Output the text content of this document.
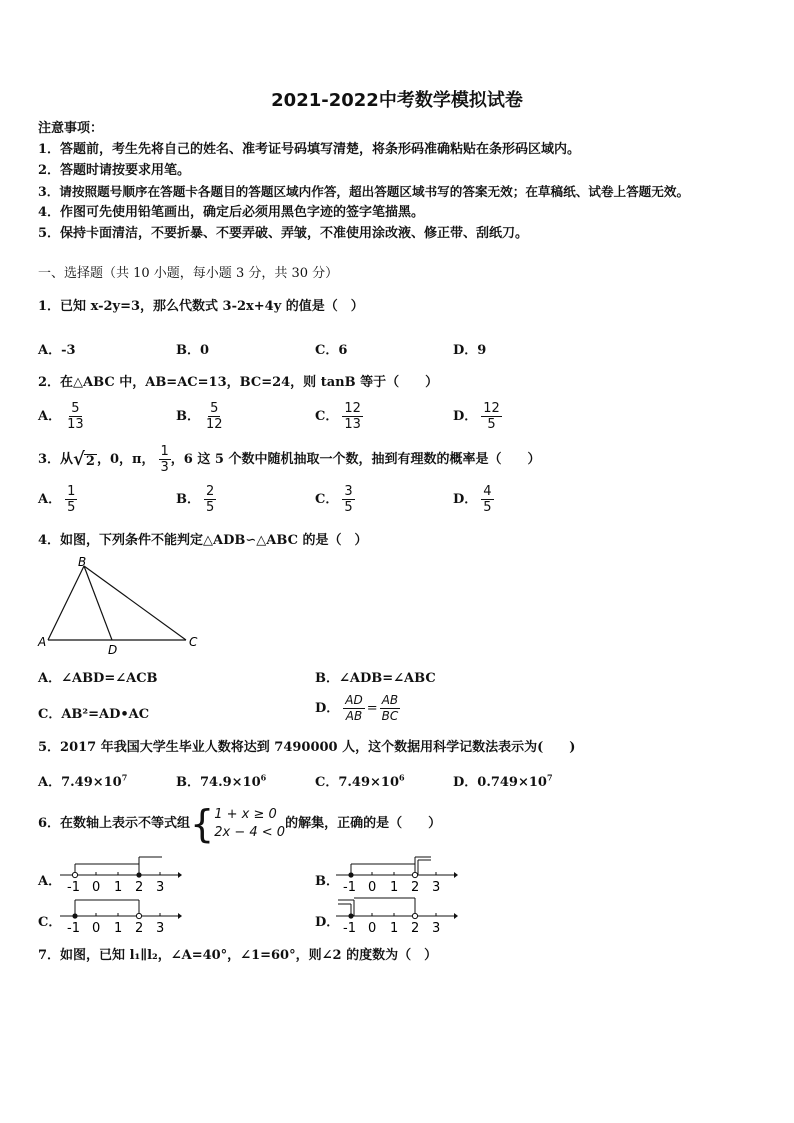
2021-2022中考数学模拟试卷
注意事项：
1．答题前，考生先将自己的姓名、准考证号码填写清楚，将条形码准确粘贴在条形码区域内。
2．答题时请按要求用笔。
3．请按照题号顺序在答题卡各题目的答题区域内作答，超出答题区域书写的答案无效；在草稿纸、试卷上答题无效。
4．作图可先使用铅笔画出，确定后必须用黑色字迹的签字笔描黑。
5．保持卡面清洁，不要折暴、不要弄破、弄皱，不准使用涂改液、修正带、刮纸刀。
一、选择题（共 10 小题，每小题 3 分，共 30 分）
1．已知 x-2y=3，那么代数式 3-2x+4y 的值是（　）
A．-3	B．0	C．6	D．9
2．在△ABC 中，AB=AC=13，BC=24，则 tanB 等于（　　）
A． $\frac{5}{13}$	B． $\frac{5}{12}$	C． $\frac{12}{13}$	D． $\frac{12}{5}$
3．从 √ 2 ，0，π， $\frac{1}{3}$ ，6 这 5 个数中随机抽取一个数，抽到有理数的概率是（　　）
A． $\frac{1}{5}$	B． $\frac{2}{5}$	C． $\frac{3}{5}$	D． $\frac{4}{5}$
4．如图，下列条件不能判定△ADB∽△ABC 的是（　）
B
A
D
C
A．∠ABD=∠ACB	B．∠ADB=∠ABC
C．AB²=AD•AC	D． $\frac{AD}{AB} = \frac{AB}{BC}$
5．2017 年我国大学生毕业人数将达到 7490000 人，这个数据用科学记数法表示为(　　)
A．$7.49\times 10^7$	B．$74.9\times 10^6$	C．$7.49\times 10^6$	D．$0.749\times 10^7$
6．在数轴上表示不等式组 { 1 + x ≥ 0
2x − 4 < 0
的解集，正确的是（　　）
A． -1 0 1 2 3	B． -1 0 1 2 3
C． -1 0 1 2 3	D． -1 0 1 2 3
7．如图，已知 l₁∥l₂，∠A=40°，∠1=60°，则∠2 的度数为（　）
